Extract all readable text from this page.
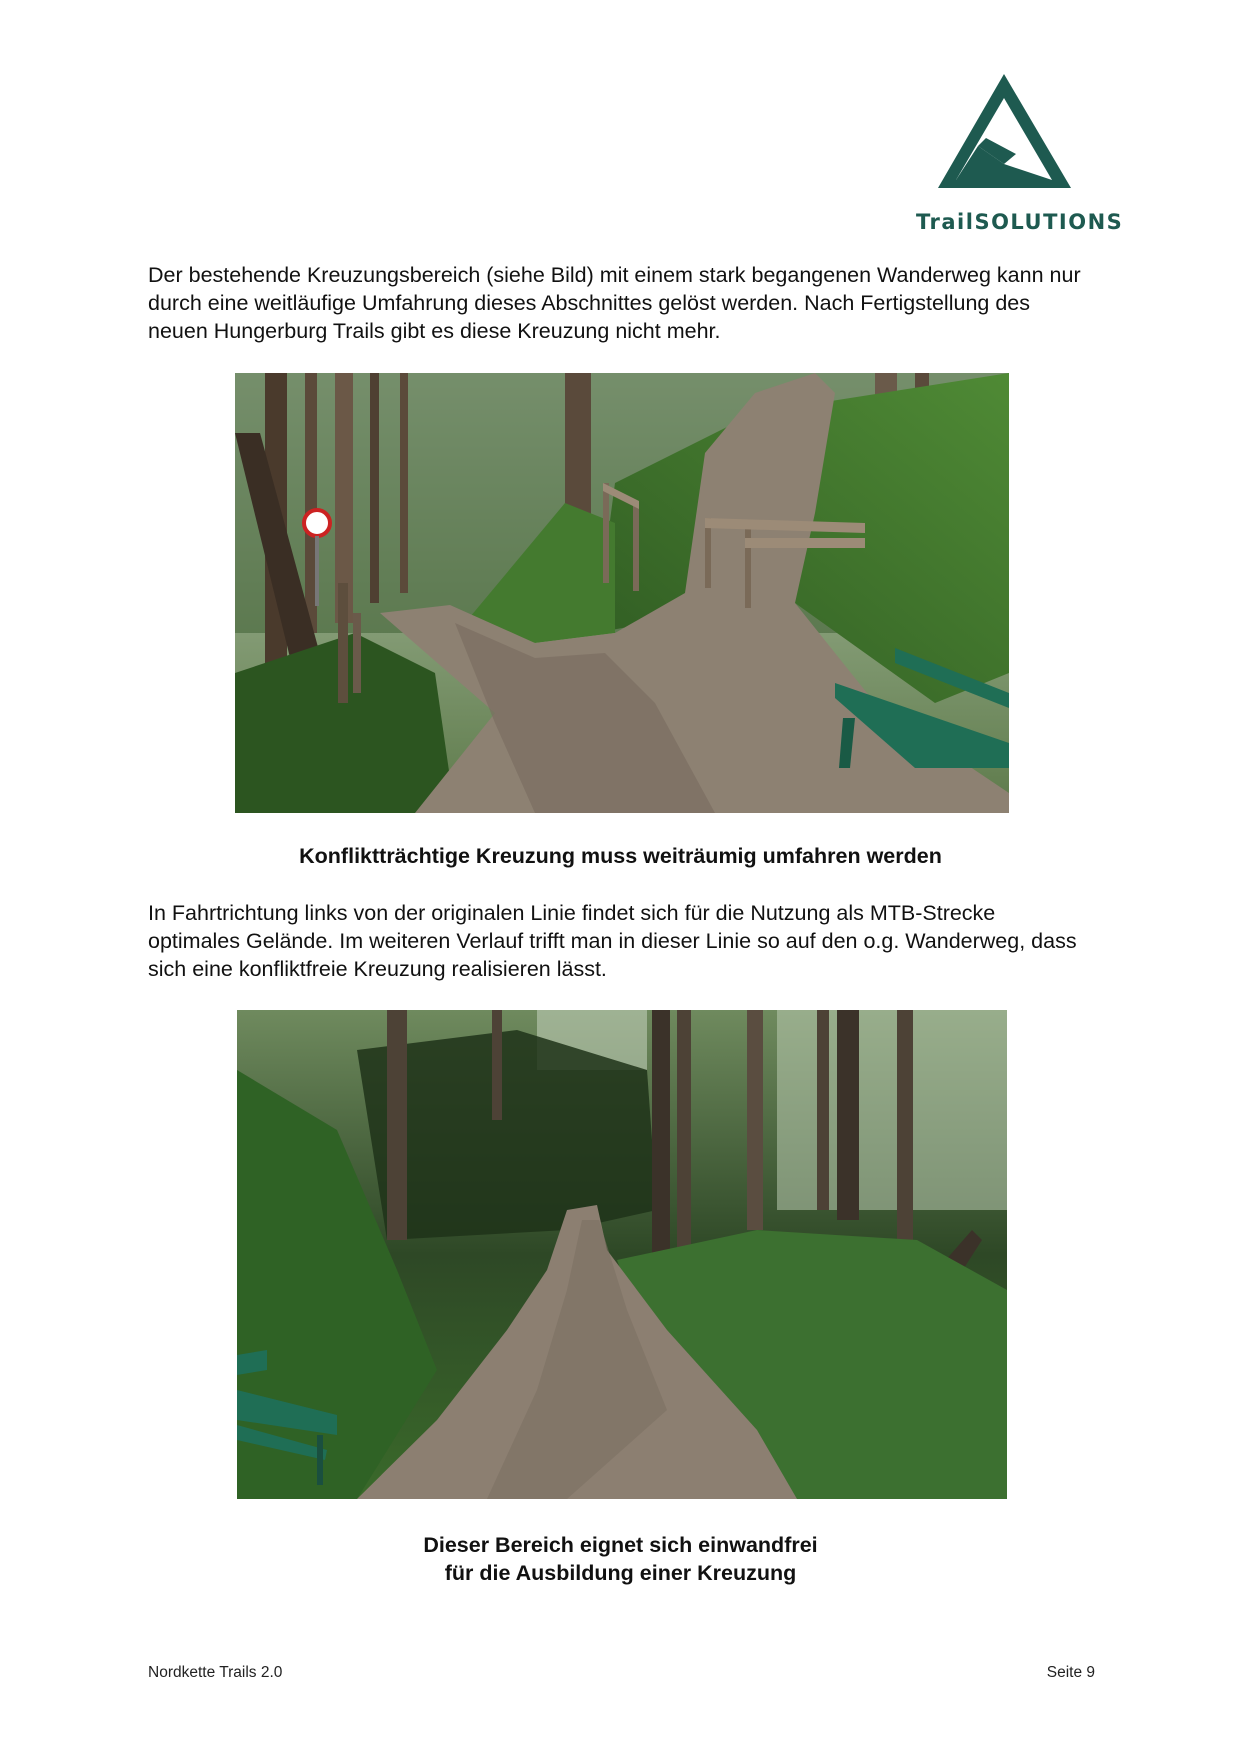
TrailSOLUTIONS

Der bestehende Kreuzungsbereich (siehe Bild) mit einem stark begangenen Wanderweg kann nur durch eine weitläufige Umfahrung dieses Abschnittes gelöst werden. Nach Fertigstellung des neuen Hungerburg Trails gibt es diese Kreuzung nicht mehr.

Konfliktträchtige Kreuzung muss weiträumig umfahren werden

In Fahrtrichtung links von der originalen Linie findet sich für die Nutzung als MTB-Strecke optimales Gelände. Im weiteren Verlauf trifft man in dieser Linie so auf den o.g. Wanderweg, dass sich eine konfliktfreie Kreuzung realisieren lässt.

Dieser Bereich eignet sich einwandfrei
für die Ausbildung einer Kreuzung
Nordkette Trails 2.0	Seite 9
